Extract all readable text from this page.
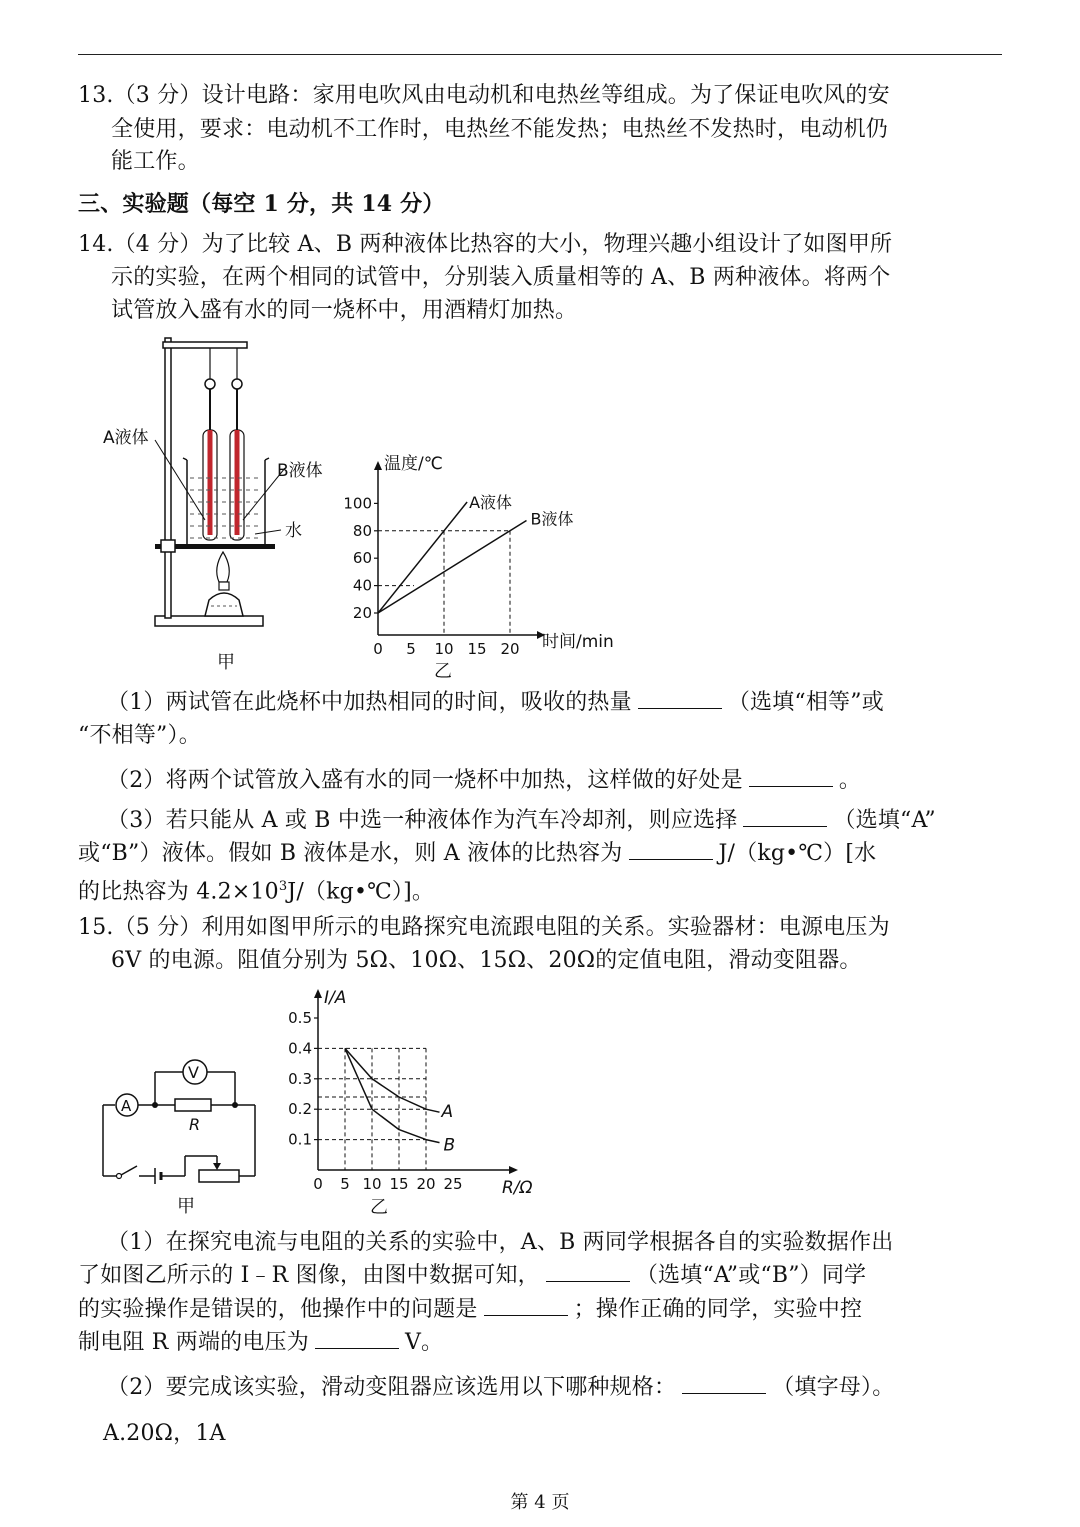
13.（3 分）设计电路：家用电吹风由电动机和电热丝等组成。为了保证电吹风的安
全使用，要求：电动机不工作时，电热丝不能发热；电热丝不发热时，电动机仍
能工作。
三、实验题（每空 1 分，共 14 分）
14.（4 分）为了比较 A、B 两种液体比热容的大小，物理兴趣小组设计了如图甲所
示的实验，在两个相同的试管中，分别装入质量相等的 A、B 两种液体。将两个
试管放入盛有水的同一烧杯中，用酒精灯加热。
A液体
B液体
水
甲
温度/℃
时间/min
乙
20
40
60
80
100
0 5 10 15 20
A液体
B液体
（1）两试管在此烧杯中加热相同的时间，吸收的热量	（选填“相等”或
“不相等”）。
（2）将两个试管放入盛有水的同一烧杯中加热，这样做的好处是	。
（3）若只能从 A 或 B 中选一种液体作为汽车冷却剂，则应选择	（选填“A”
或“B”）液体。假如 B 液体是水，则 A 液体的比热容为	J/（kg•℃）[水
的比热容为 $4.2\times 10^3J/(kg•℃)$]。
15.（5 分）利用如图甲所示的电路探究电流跟电阻的关系。实验器材：电源电压为
6V 的电源。阻值分别为 5Ω、10Ω、15Ω、20Ω的定值电阻，滑动变阻器。
V
A
R
甲
I/A
R/Ω
乙
0.1
0.2
0.3
0.4
0.5
0 5 10 15 20 25
A
B
（1）在探究电流与电阻的关系的实验中，A、B 两同学根据各自的实验数据作出
了如图乙所示的 I﹣R 图像，由图中数据可知，	（选填“A”或“B”）同学
的实验操作是错误的，他操作中的问题是	；操作正确的同学，实验中控
制电阻 R 两端的电压为	V。
（2）要完成该实验，滑动变阻器应该选用以下哪种规格：	（填字母）。
A.20Ω，1A
第 4 页
